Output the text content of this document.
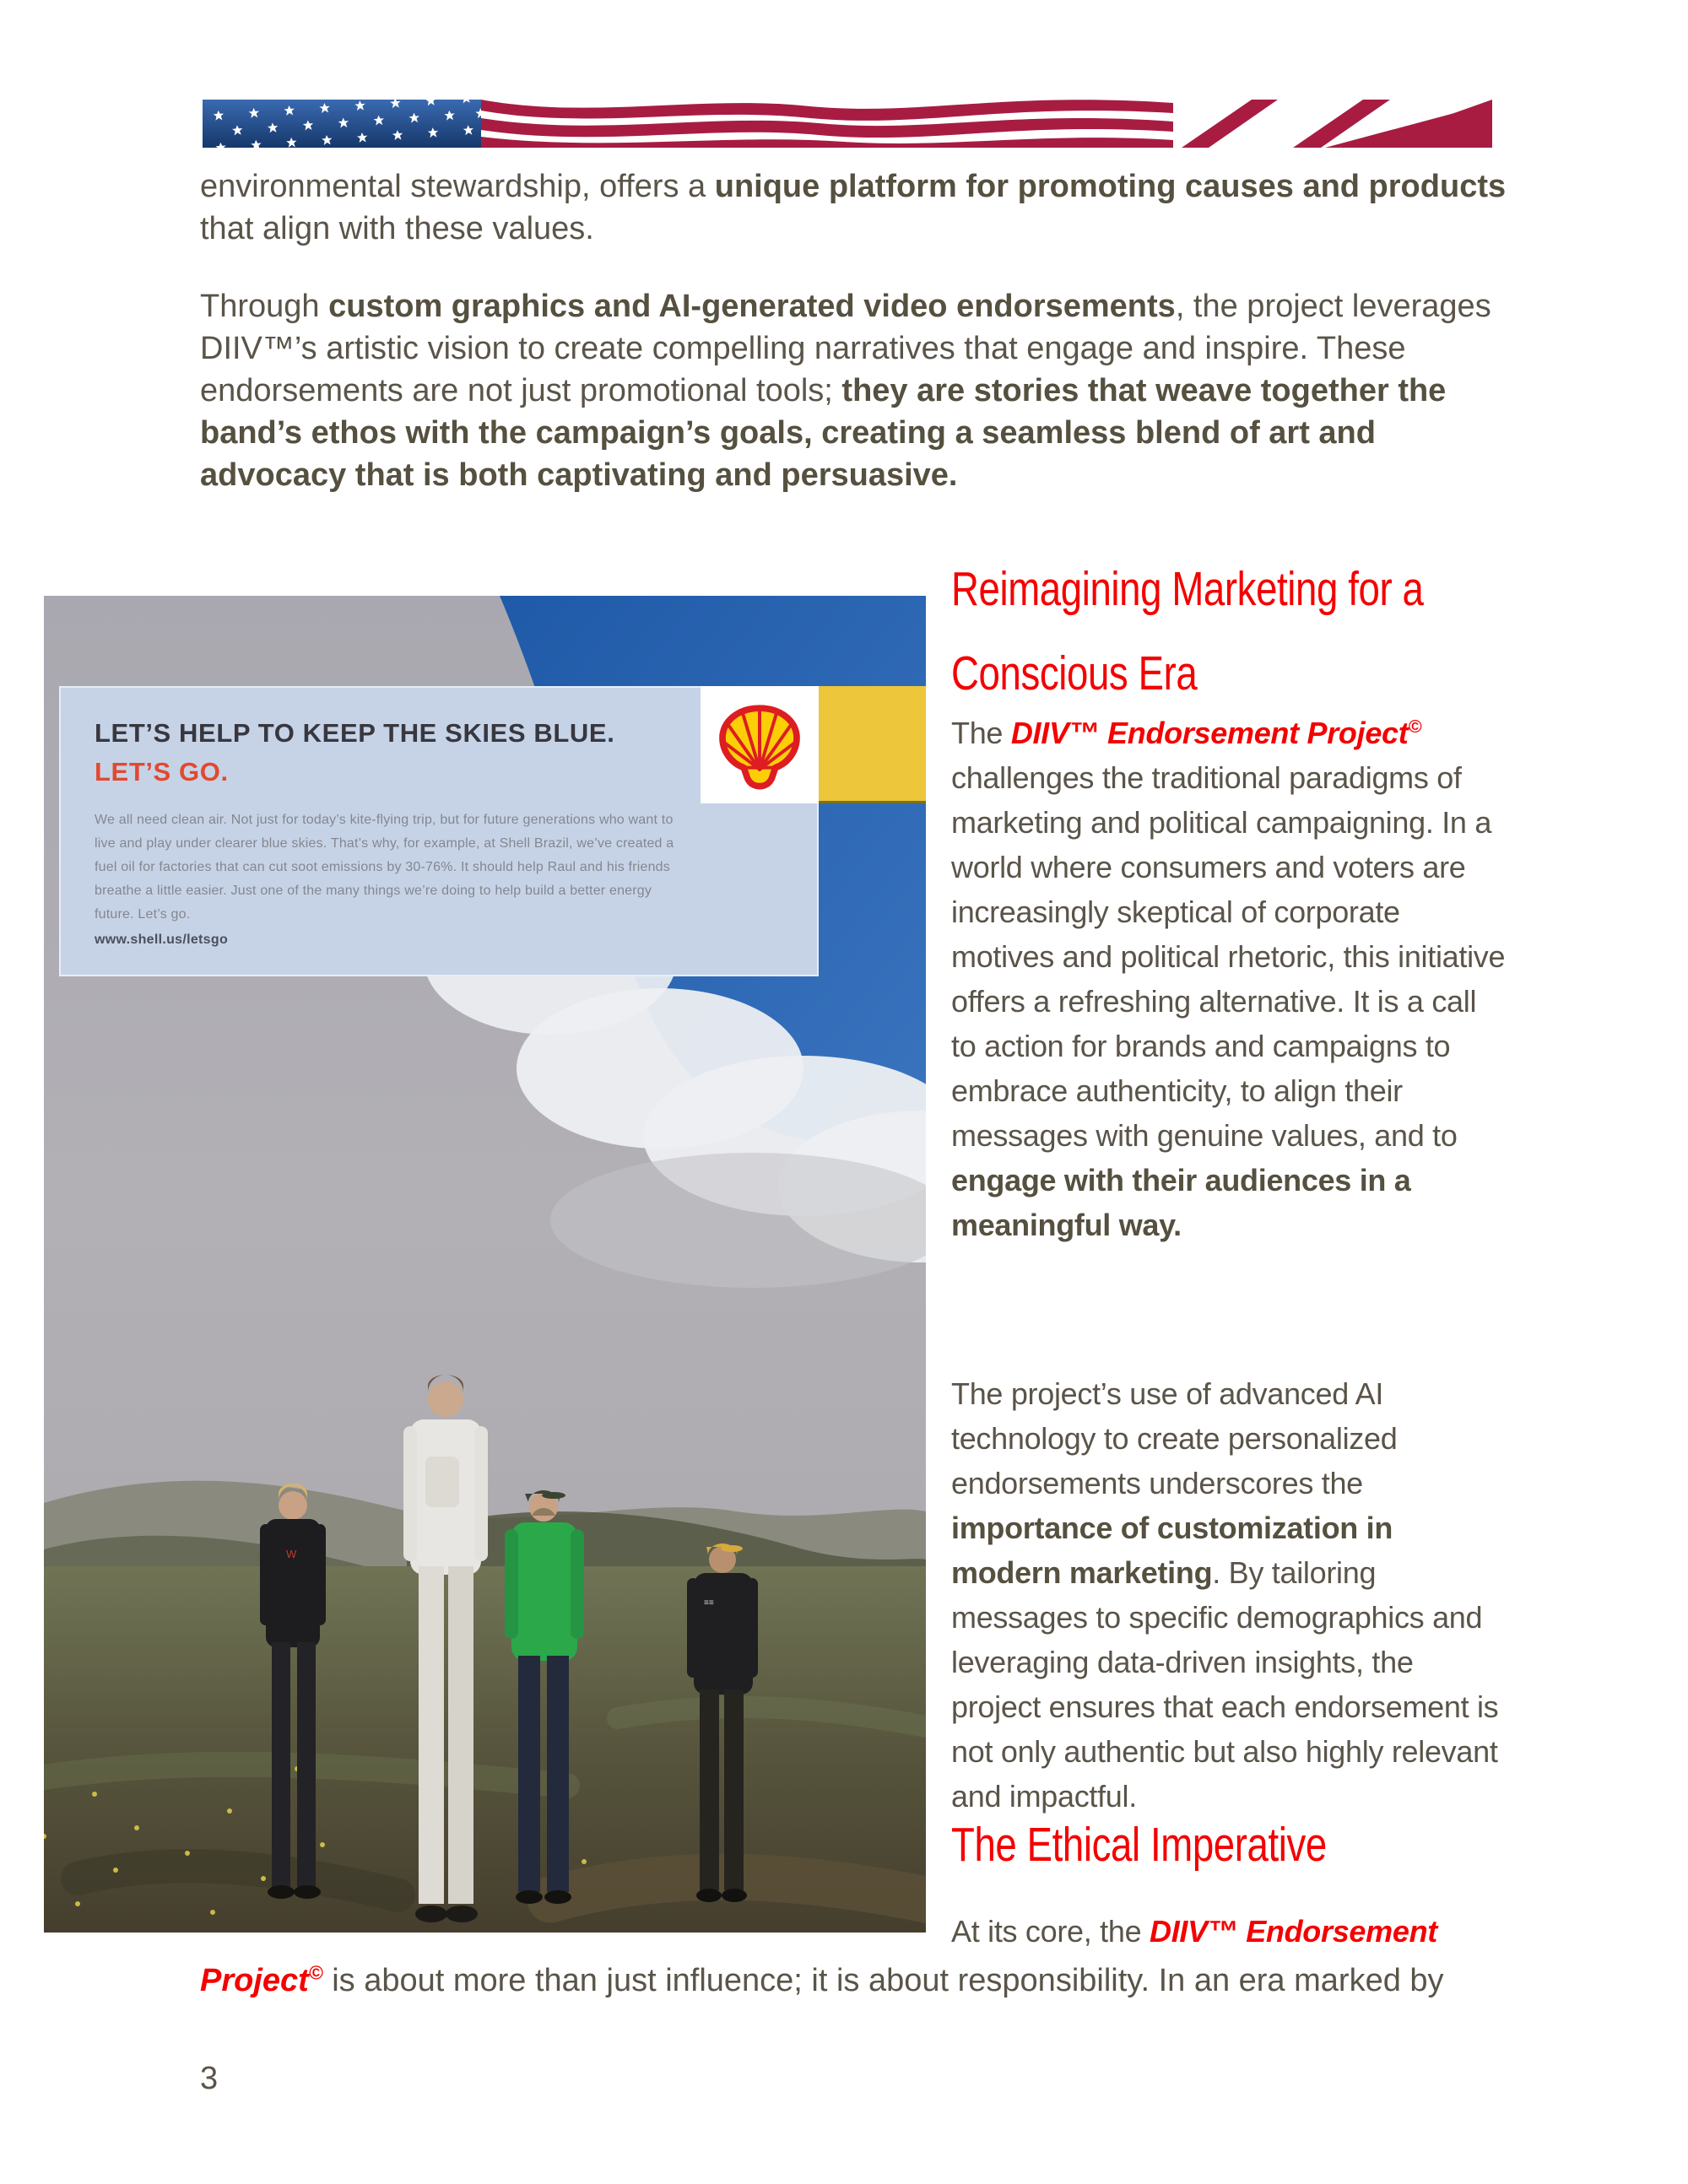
environmental stewardship, offers a unique platform for promoting causes and products that align with these values.

Through custom graphics and AI-generated video endorsements, the project leverages DIIV™’s artistic vision to create compelling narratives that engage and inspire. These endorsements are not just promotional tools; they are stories that weave together the band’s ethos with the campaign’s goals, creating a seamless blend of art and advocacy that is both captivating and persuasive.

W
≡≡
LET’S HELP TO KEEP THE SKIES BLUE.
LET’S GO.
We all need clean air. Not just for today’s kite-flying trip, but for future generations who want to live and play under clearer blue skies. That’s why, for example, at Shell Brazil, we’ve created a fuel oil for factories that can cut soot emissions by 30-76%. It should help Raul and his friends breathe a little easier. Just one of the many things we’re doing to help build a better energy future. Let’s go.
www.shell.us/letsgo
Reimagining Marketing for a Conscious Era

The DIIV™ Endorsement Project© challenges the traditional paradigms of marketing and political campaigning. In a world where consumers and voters are increasingly skeptical of corporate motives and political rhetoric, this initiative offers a refreshing alternative. It is a call to action for brands and campaigns to embrace authenticity, to align their messages with genuine values, and to engage with their audiences in a meaningful way.

The project’s use of advanced AI technology to create personalized endorsements underscores the importance of customization in modern marketing. By tailoring messages to specific demographics and leveraging data-driven insights, the project ensures that each endorsement is not only authentic but also highly relevant and impactful.

The Ethical Imperative

At its core, the DIIV™ Endorsement

Project© is about more than just influence; it is about responsibility. In an era marked by

3
